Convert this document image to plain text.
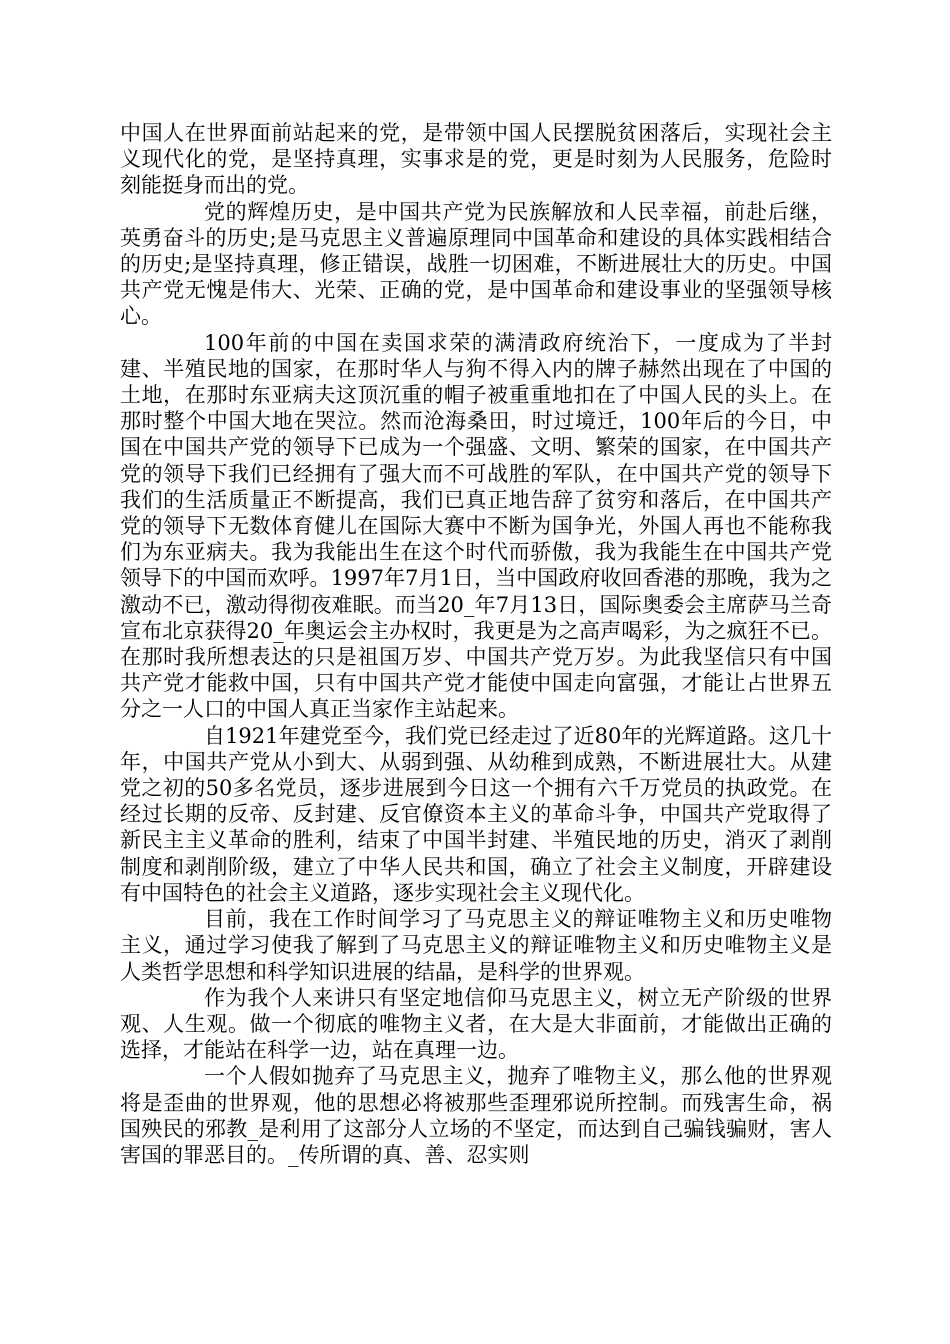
中国人在世界面前站起来的党，是带领中国人民摆脱贫困落后，实现社会主义现代化的党，是坚持真理，实事求是的党，更是时刻为人民服务，危险时刻能挺身而出的党。

党的辉煌历史，是中国共产党为民族解放和人民幸福，前赴后继，英勇奋斗的历史;是马克思主义普遍原理同中国革命和建设的具体实践相结合的历史;是坚持真理，修正错误，战胜一切困难，不断进展壮大的历史。中国共产党无愧是伟大、光荣、正确的党，是中国革命和建设事业的坚强领导核心。

100年前的中国在卖国求荣的满清政府统治下，一度成为了半封建、半殖民地的国家，在那时华人与狗不得入内的牌子赫然出现在了中国的土地，在那时东亚病夫这顶沉重的帽子被重重地扣在了中国人民的头上。在那时整个中国大地在哭泣。然而沧海桑田，时过境迁，100年后的今日，中国在中国共产党的领导下已成为一个强盛、文明、繁荣的国家，在中国共产党的领导下我们已经拥有了强大而不可战胜的军队，在中国共产党的领导下我们的生活质量正不断提高，我们已真正地告辞了贫穷和落后，在中国共产党的领导下无数体育健儿在国际大赛中不断为国争光，外国人再也不能称我们为东亚病夫。我为我能出生在这个时代而骄傲，我为我能生在中国共产党领导下的中国而欢呼。1997年7月1日，当中国政府收回香港的那晚，我为之激动不已，激动得彻夜难眠。而当20_年7月13日，国际奥委会主席萨马兰奇宣布北京获得20_年奥运会主办权时，我更是为之高声喝彩，为之疯狂不已。在那时我所想表达的只是祖国万岁、中国共产党万岁。为此我坚信只有中国共产党才能救中国，只有中国共产党才能使中国走向富强，才能让占世界五分之一人口的中国人真正当家作主站起来。

自1921年建党至今，我们党已经走过了近80年的光辉道路。这几十年，中国共产党从小到大、从弱到强、从幼稚到成熟，不断进展壮大。从建党之初的50多名党员，逐步进展到今日这一个拥有六千万党员的执政党。在经过长期的反帝、反封建、反官僚资本主义的革命斗争，中国共产党取得了新民主主义革命的胜利，结束了中国半封建、半殖民地的历史，消灭了剥削制度和剥削阶级，建立了中华人民共和国，确立了社会主义制度，开辟建设有中国特色的社会主义道路，逐步实现社会主义现代化。

目前，我在工作时间学习了马克思主义的辩证唯物主义和历史唯物主义，通过学习使我了解到了马克思主义的辩证唯物主义和历史唯物主义是人类哲学思想和科学知识进展的结晶，是科学的世界观。

作为我个人来讲只有坚定地信仰马克思主义，树立无产阶级的世界观、人生观。做一个彻底的唯物主义者，在大是大非面前，才能做出正确的选择，才能站在科学一边，站在真理一边。

一个人假如抛弃了马克思主义，抛弃了唯物主义，那么他的世界观将是歪曲的世界观，他的思想必将被那些歪理邪说所控制。而残害生命，祸国殃民的邪教_是利用了这部分人立场的不坚定，而达到自己骗钱骗财，害人害国的罪恶目的。_传所谓的真、善、忍实则
